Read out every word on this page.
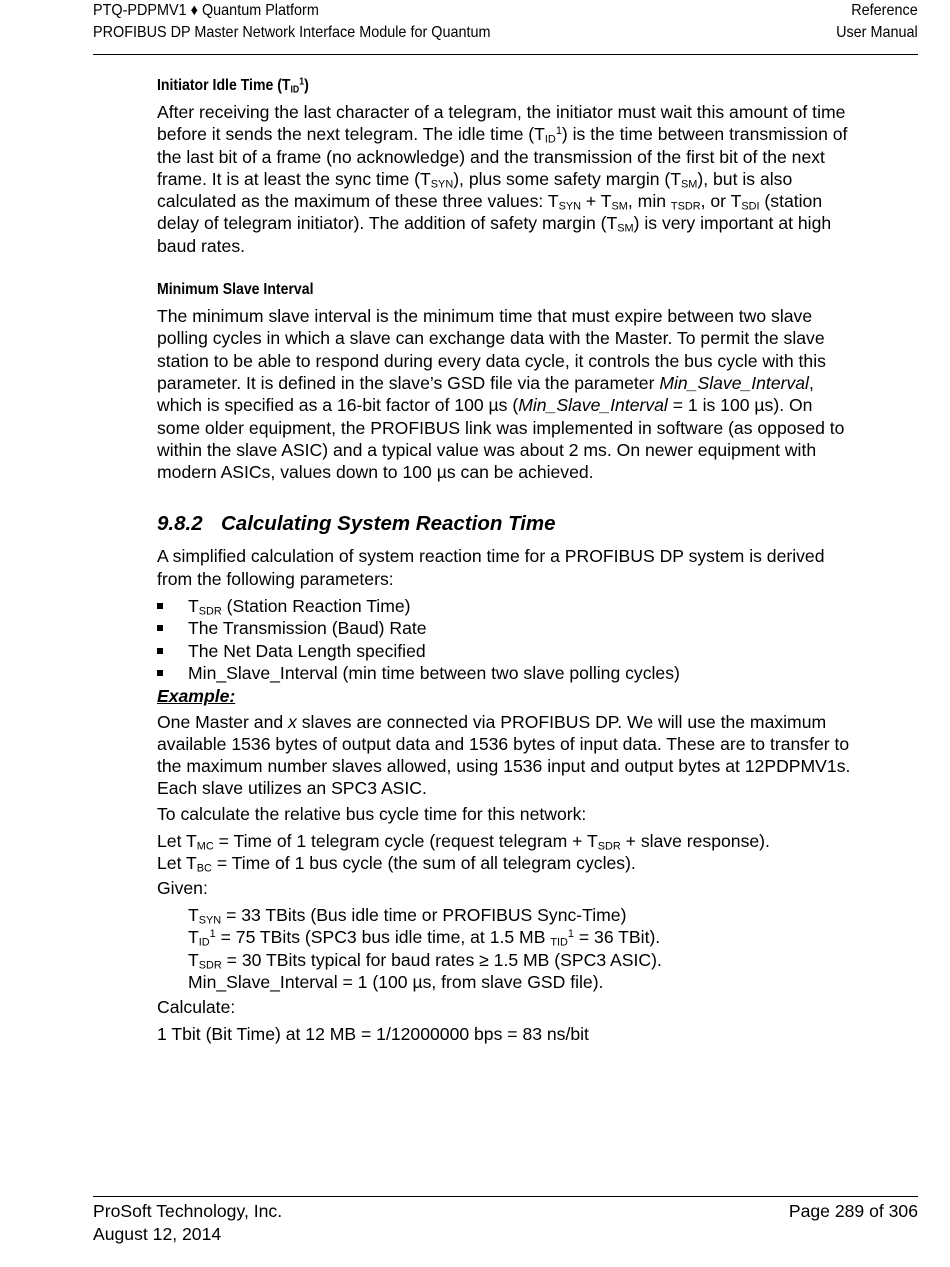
PTQ-PDPMV1 ♦ Quantum Platform
PROFIBUS DP Master Network Interface Module for Quantum
Reference
User Manual
Initiator Idle Time $(T_{ID}^1)$

After receiving the last character of a telegram, the initiator must wait this amount of time before it sends the next telegram. The idle time $(T_{ID}^1)$ is the time between transmission of the last bit of a frame (no acknowledge) and the transmission of the first bit of the next frame. It is at least the sync time $(T_{SYN})$, plus some safety margin $(T_{SM})$, but is also calculated as the maximum of these three values: $T_{SYN} + T_{SM}$, min $_{TSDR}$, or $T_{SDI}$ (station delay of telegram initiator). The addition of safety margin $(T_{SM})$ is very important at high baud rates.

Minimum Slave Interval

The minimum slave interval is the minimum time that must expire between two slave polling cycles in which a slave can exchange data with the Master. To permit the slave station to be able to respond during every data cycle, it controls the bus cycle with this parameter. It is defined in the slave’s GSD file via the parameter Min_Slave_Interval, which is specified as a 16-bit factor of 100 µs (Min_Slave_Interval = 1 is 100 µs). On some older equipment, the PROFIBUS link was implemented in software (as opposed to within the slave ASIC) and a typical value was about 2 ms. On newer equipment with modern ASICs, values down to 100 µs can be achieved.

9.8.2 Calculating System Reaction Time

A simplified calculation of system reaction time for a PROFIBUS DP system is derived from the following parameters:

$T_{SDR}$ (Station Reaction Time)
The Transmission (Baud) Rate
The Net Data Length specified
Min_Slave_Interval (min time between two slave polling cycles)

Example:

One Master and x slaves are connected via PROFIBUS DP. We will use the maximum available 1536 bytes of output data and 1536 bytes of input data. These are to transfer to the maximum number slaves allowed, using 1536 input and output bytes at 12PDPMV1s. Each slave utilizes an SPC3 ASIC.

To calculate the relative bus cycle time for this network:

Let $T_{MC}$ = Time of 1 telegram cycle (request telegram + $T_{SDR}$ + slave response).

Let $T_{BC}$ = Time of 1 bus cycle (the sum of all telegram cycles).

Given:

$T_{SYN} = 33$ TBits (Bus idle time or PROFIBUS Sync-Time)

$T_{ID}^1 = 75$ TBits (SPC3 bus idle time, at 1.5 MB $_{TID}^1$ = 36 TBit).

$T_{SDR} = 30$ TBits typical for baud rates ≥ 1.5 MB (SPC3 ASIC).

Min_Slave_Interval = 1 (100 µs, from slave GSD file).

Calculate:

1 Tbit (Bit Time) at 12 MB = 1/12000000 bps = 83 ns/bit

ProSoft Technology, Inc.
August 12, 2014
Page 289 of 306
